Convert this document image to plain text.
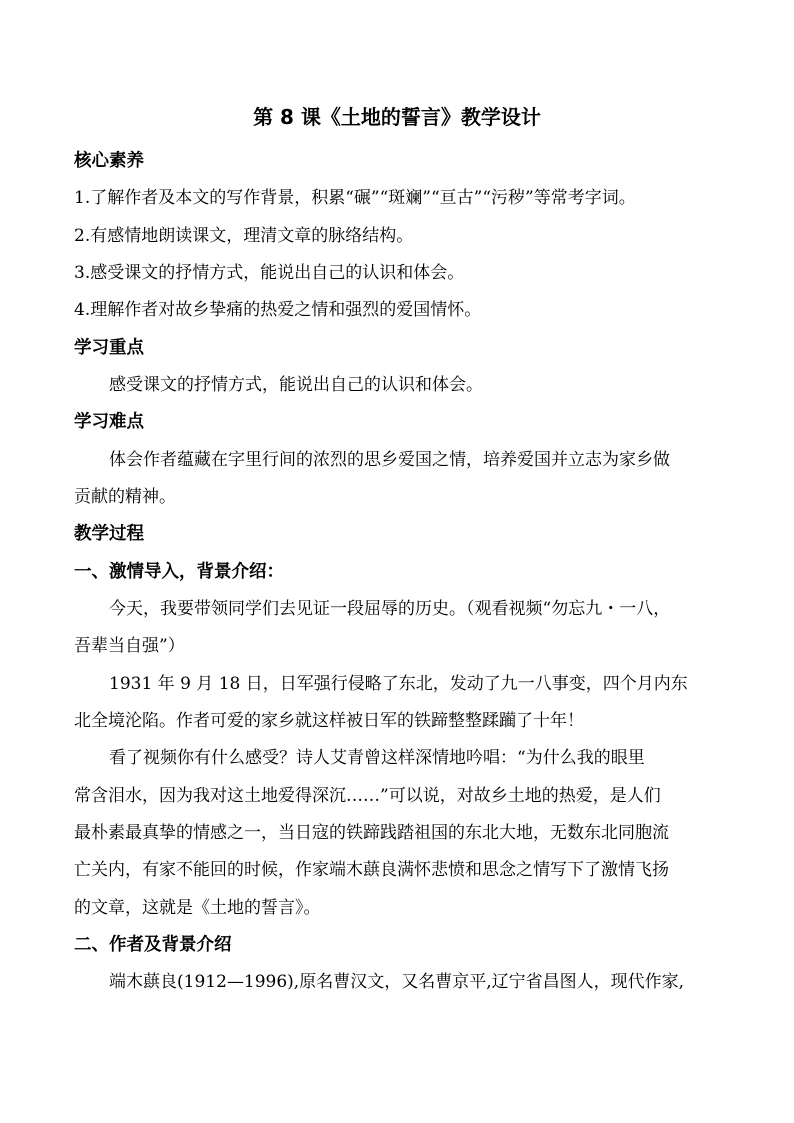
第 8 课《土地的誓言》教学设计
核心素养
1.了解作者及本文的写作背景，积累“碾”“斑斓”“亘古”“污秽”等常考字词。
2.有感情地朗读课文，理清文章的脉络结构。
3.感受课文的抒情方式，能说出自己的认识和体会。
4.理解作者对故乡挚痛的热爱之情和强烈的爱国情怀。
学习重点
感受课文的抒情方式，能说出自己的认识和体会。
学习难点
体会作者蕴藏在字里行间的浓烈的思乡爱国之情，培养爱国并立志为家乡做
贡献的精神。
教学过程
一、激情导入，背景介绍：
今天，我要带领同学们去见证一段屈辱的历史。（观看视频“勿忘九・一八，
吾辈当自强”）
1931 年 9 月 18 日，日军强行侵略了东北，发动了九一八事变，四个月内东
北全境沦陷。作者可爱的家乡就这样被日军的铁蹄整整蹂躏了十年！
看了视频你有什么感受？诗人艾青曾这样深情地吟唱：“为什么我的眼里
常含泪水，因为我对这土地爱得深沉……”可以说，对故乡土地的热爱，是人们
最朴素最真挚的情感之一，当日寇的铁蹄践踏祖国的东北大地，无数东北同胞流
亡关内，有家不能回的时候，作家端木蕻良满怀悲愤和思念之情写下了激情飞扬
的文章，这就是《土地的誓言》。
二、作者及背景介绍
端木蕻良(1912—1996),原名曹汉文，又名曹京平,辽宁省昌图人，现代作家,
